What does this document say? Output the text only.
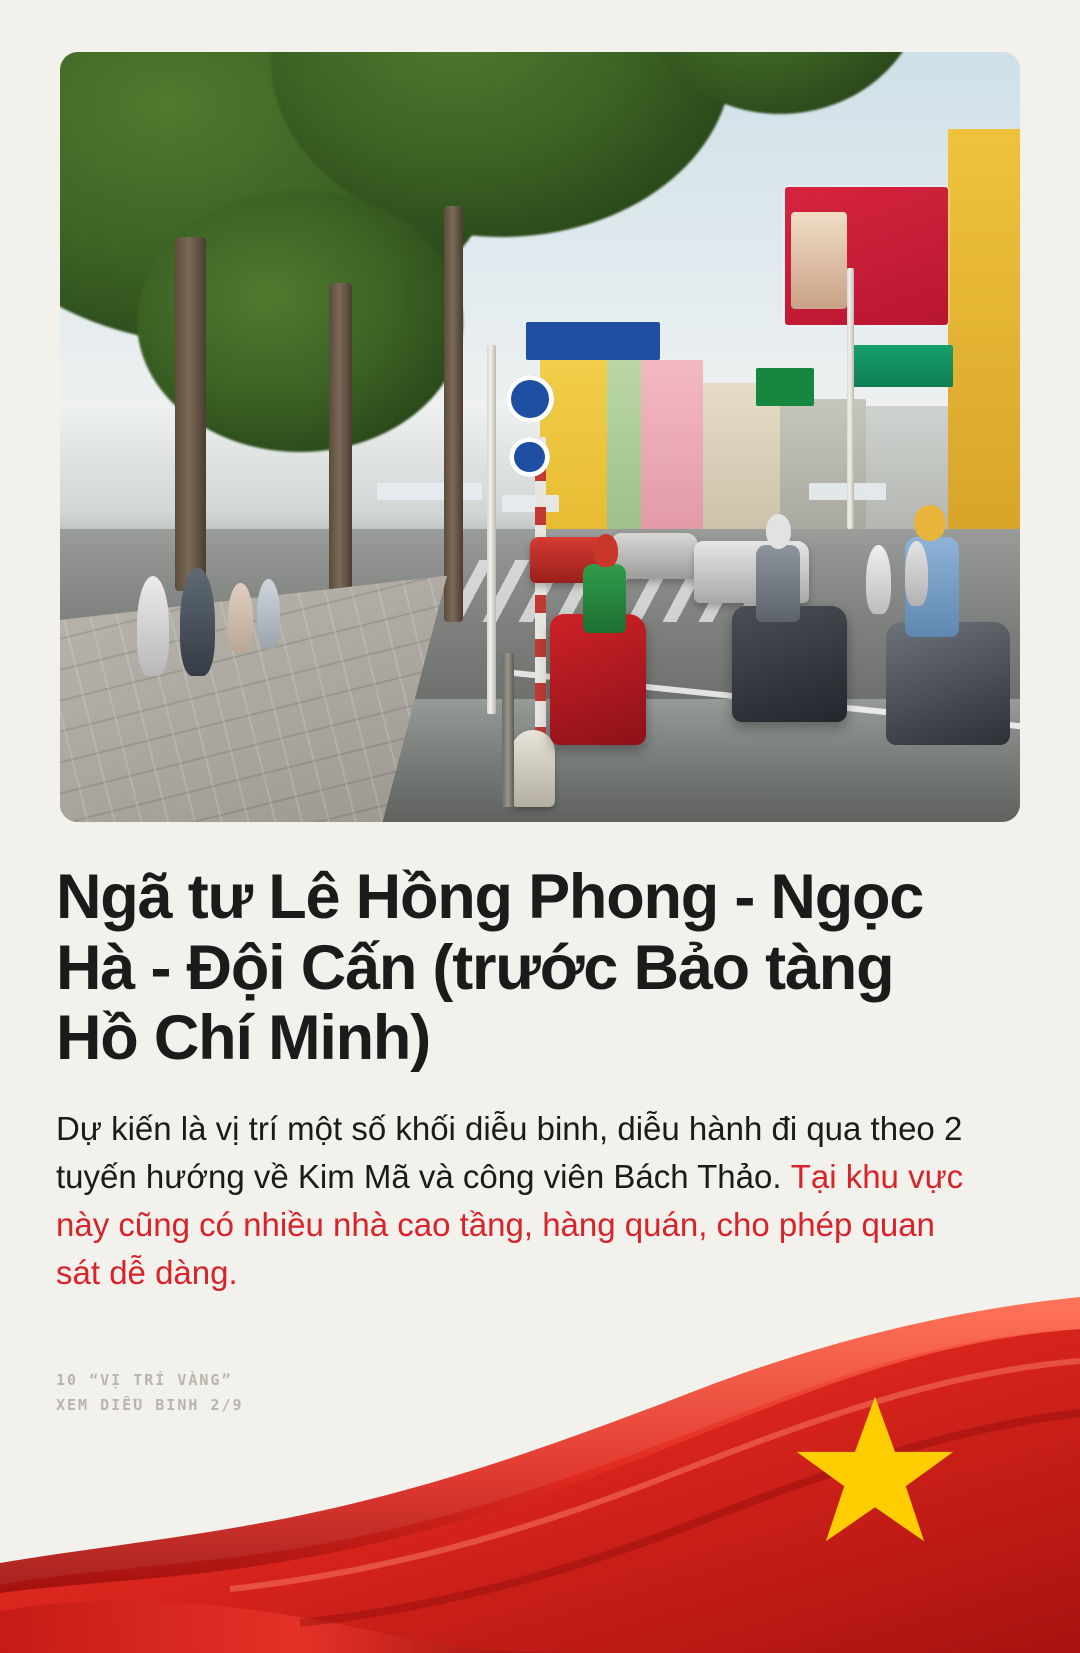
Ngã tư Lê Hồng Phong - Ngọc Hà - Đội Cấn (trước Bảo tàng Hồ Chí Minh)

Dự kiến là vị trí một số khối diễu binh, diễu hành đi qua theo 2 tuyến hướng về Kim Mã và công viên Bách Thảo. Tại khu vực này cũng có nhiều nhà cao tầng, hàng quán, cho phép quan sát dễ dàng.

10 “VỊ TRÍ VÀNG”
XEM DIỄU BINH 2/9
